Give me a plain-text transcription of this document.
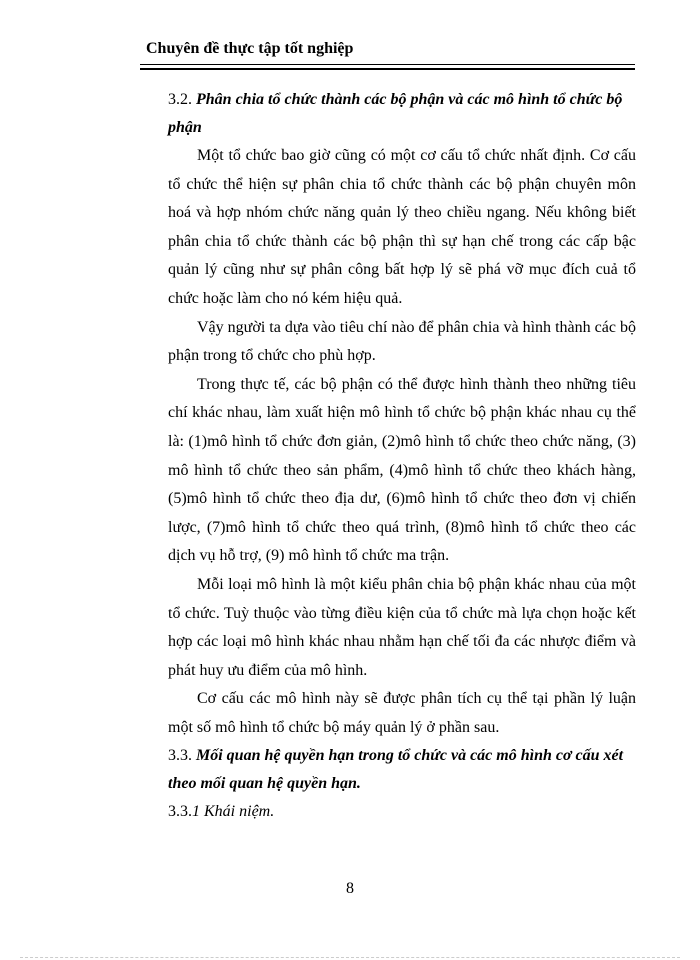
Chuyên đề thực tập tốt nghiệp

3.2. Phân chia tổ chức thành các bộ phận và các mô hình tổ chức bộ phận

Một tổ chức bao giờ cũng có một cơ cấu tổ chức nhất định. Cơ cấu tổ chức thể hiện sự phân chia tổ chức thành các bộ phận chuyên môn hoá và hợp nhóm chức năng quản lý theo chiều ngang. Nếu không biết phân chia tổ chức thành các bộ phận thì sự hạn chế trong các cấp bậc quản lý cũng như sự phân công bất hợp lý sẽ phá vỡ mục đích cuả tổ chức hoặc làm cho nó kém hiệu quả.

Vậy người ta dựa vào tiêu chí nào để phân chia và hình thành các bộ phận trong tổ chức cho phù hợp.

Trong thực tế, các bộ phận có thể được hình thành theo những tiêu chí khác nhau, làm xuất hiện mô hình tổ chức bộ phận khác nhau cụ thể là: (1)mô hình tổ chức đơn giản, (2)mô hình tổ chức theo chức năng, (3) mô hình tổ chức theo sản phẩm, (4)mô hình tổ chức theo khách hàng, (5)mô hình tổ chức theo địa dư, (6)mô hình tổ chức theo đơn vị chiến lược, (7)mô hình tổ chức theo quá trình, (8)mô hình tổ chức theo các dịch vụ hỗ trợ, (9) mô hình tổ chức ma trận.

Mỗi loại mô hình là một kiểu phân chia bộ phận khác nhau của một tổ chức. Tuỳ thuộc vào từng điều kiện của tổ chức mà lựa chọn hoặc kết hợp các loại mô hình khác nhau nhằm hạn chế tối đa các nhược điểm và phát huy ưu điểm của mô hình.

Cơ cấu các mô hình này sẽ được phân tích cụ thể tại phần lý luận một số mô hình tổ chức bộ máy quản lý ở phần sau.

3.3. Mối quan hệ quyền hạn trong tổ chức và các mô hình cơ cấu xét theo mối quan hệ quyền hạn.

3.3.1 Khái niệm.

8
